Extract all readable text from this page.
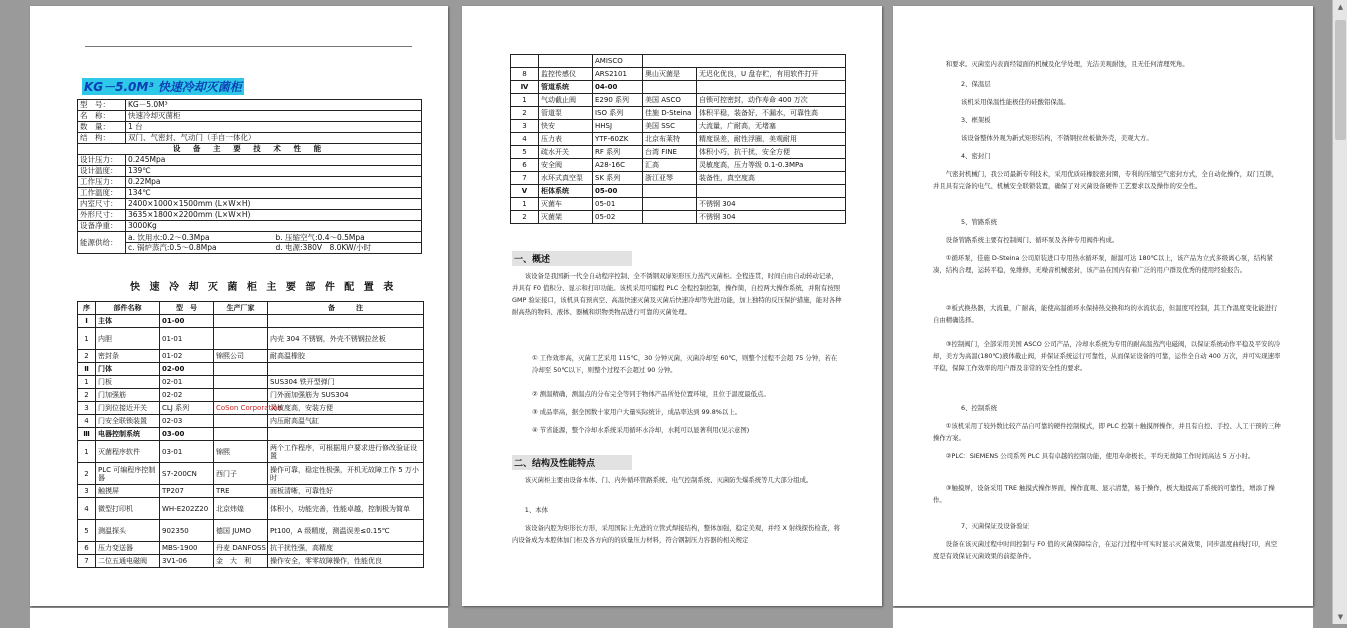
KG－5.0M³ 快速冷却灭菌柜
型　号：	KG－5.0M³
名　称：	快速冷却灭菌柜
数　量：	1 台
结　构：	双门、气密封、气动门（手自一体化）
设 备 主 要 技 术 性 能	
设计压力：	0.245Mpa
设计温度：	139℃
工作压力：	0.22Mpa
工作温度：	134℃
内室尺寸：	2400×1000×1500mm (L×W×H)
外形尺寸：	3635×1800×2200mm (L×W×H)
设备净重：	3000Kg
能源供给：	a. 饮用水:0.2～0.3Mpa b. 压缩空气:0.4～0.5Mpa
c. 锅炉蒸汽:0.5～0.8Mpa d. 电源:380V　8.0KW/小时
快 速 冷 却 灭 菌 柜 主 要 部 件 配 置 表
序	部件名称	型　号	生产厂家	备　　　注
Ⅰ	主体	01-00		
1	内胆	01-01		内壳 304 不锈钢，外壳不锈钢拉丝板
2	密封条	01-02	锦熙公司	耐高温橡胶
Ⅱ	门体	02-00		
1	门板	02-01		SUS304 铁开型弹门
2	门加强筋	02-02		门外面加强筋为 SUS304
3	门到位接近开关	CLJ 系列	CoSon Corporation	灵敏度高，安装方便
4	门安全联锁装置	02-03		内压耐高温气缸
Ⅲ	电器控制系统	03-00		
1	灭菌程序软件	03-01	锦熙	两个工作程序，可根据用户要求进行修改验证设置
2	PLC 可编程序控制器	S7-200CN	西门子	操作可靠，稳定性极强，开机无故障工作 5 万小时
3	触摸屏	TP207	TRE	面板清晰，可靠性好
4	微型打印机	WH-E202Z20	北京炜煌	体积小，功能完善，性能卓越，控制极为简单
5	测温探头	902350	德国 JUMO	Pt100，A 级精度，测温误差≤0.15℃
6	压力变送器	MBS-1900	丹麦 DANFOSS	抗干扰性强，高精度
7	二位五通电磁阀	3V1-06	金　大　利	操作安全，零零故障操作，性能优良
		AMISCO		
8	监控传感仪	ARS2101	奥山灭菌是	无迟化优良，U 盘存贮，有用软件打开
Ⅳ	管道系统	04-00		
1	气动截止阀	E290 系列	美国 ASCO	自锁可控密封，动作寿命 400 万次
2	管道泵	ISO 系列	佳施 D-Steina	体积平稳，装备好，不漏水，可靠性高
3	快安	HHSJ	美国 SSC	大流量，广耐高，无堵塞
4	压力表	YTF-60ZK	北京布莱特	精度误差，耐性浮圈，美观耐用
5	疏水开关	RF 系列	台湾 FINE	体积小巧，抗干扰，安全方便
6	安全阀	A28-16C	汇高	灵敏度高，压力等级 0.1-0.3MPa
7	水环式真空泵	SK 系列	浙江亚琴	装备性，真空度高
Ⅴ	柜体系统	05-00		
1	灭菌车	05-01		不锈钢 304
2	灭菌架	05-02		不锈钢 304
一、概述
该设备是我国新一代全自动程序控制、全不锈钢双扉矩形压力蒸汽灭菌柜。全程连贯，时间自由自动转动记录，并具有 F0 值积分、显示和打印功能。该机采用可编程 PLC 全程控制控制，操作简，自控两大操作系统，并附有按照 GMP 验证接口，该机具有预真空、高温快速灭菌及灭菌后快速冷却等先进功能，加上独特的反压保护措施，能对各种耐高热的物料、液体、器械和织物类物品进行可靠的灭菌处理。
① 工作效率高，灭菌工艺采用 115℃，30 分钟灭菌，灭菌冷却至 60℃，则整个过程不会超 75 分钟，若在冷却至 50℃以下，则整个过程不会超过 90 分钟。
② 测温精确，测温点的分布完全等同于物体产品所处位置环境，且位于温度最低点。
③ 成品率高，据全国数十家用户大量实际统计，成品率达到 99.8%以上。
④ 节省能源，整个冷却水系统采用循环水冷却，水耗可以显著利用(见示意图)
二、结构及性能特点
该灭菌柜主要由设备本体、门、内外循环管路系统、电气控制系统、灭菌防失爆系统等几大部分组成。
1、本体
该设备内腔为矩形长方形，采用国际上先进的立管式焊接结构，整体加强，稳定美观，并经 X 射线探伤检查，将内设备成为本腔体加门柜及各方向的的质量压力材料，符合钢制压力容器的相关规定
和要求。灭菌室内表面经镜面的机械及化学处理，光洁美观耐蚀，且无任何清理死角。
2、保温层
该机采用保温性能极佳的硅酸铝保温。
3、框架板
该设备整体外观为新式矩形结构，不锈钢拉丝板做外壳，美观大方。
4、密封门
气密封机械门，我公司最新专利技术，采用优质硅橡胶密封圈，专利的压缩空气密封方式，全自动化操作，双门互锁，并且具有完备的电气、机械安全联锁装置，确保了对灭菌设备硬件工艺要求以及操作的安全性。
5、管路系统
设备管路系统主要有控制阀门、循环泵及各种专用阀件构成。
①循环泵，佳施 D-Steina 公司原装进口专用热水循环泵，耐温可达 180℃以上，该产品为立式多级离心泵，结构紧凑，结构合理，运转平稳，免维修，无噪音机械密封，该产品在国内有着广泛的用户群及优秀的使用经验报告。
②板式换热器，大流量，广耐高，能使高温循环水保持热交换和均的水流状态，但温度可控制，其工作温度变化能进行自由精确选择。
③控制阀门，全部采用美国 ASCO 公司产品，冷却水系统为专用的耐高温蒸汽电磁阀，以保证系统动作平稳及平安的冷却，美方为高温(180℃)液体截止阀，并保证系统运行可靠性，从而保证设备的可靠，运作全自动 400 万次，并可实现速率平稳，保障工作效率的用户群及非常的安全性的要求。
6、控制系统
①该机采用了较外数比较产品自可靠的硬件控制模式，即 PLC 控制＋触摸屏操作，并且有自控、手控、人工干预的三种操作方案。
②PLC：SIEMENS 公司系列 PLC 具有卓越的控制功能，使用寿命极长，平均无故障工作时间高达 5 万小时。
③触摸屏，设备采用 TRE 触摸式操作界面，操作直观、显示清楚，易于操作，极大地提高了系统的可靠性，增添了操作。
7、灭菌保证及设备验证
设备在该灭菌过程中时间控制与 F0 值的灭菌保障综合，在运行过程中可实时显示灭菌效果，同步温度曲线打印，真空度是有效保证灭菌效果的前提条件。
▲
▼
